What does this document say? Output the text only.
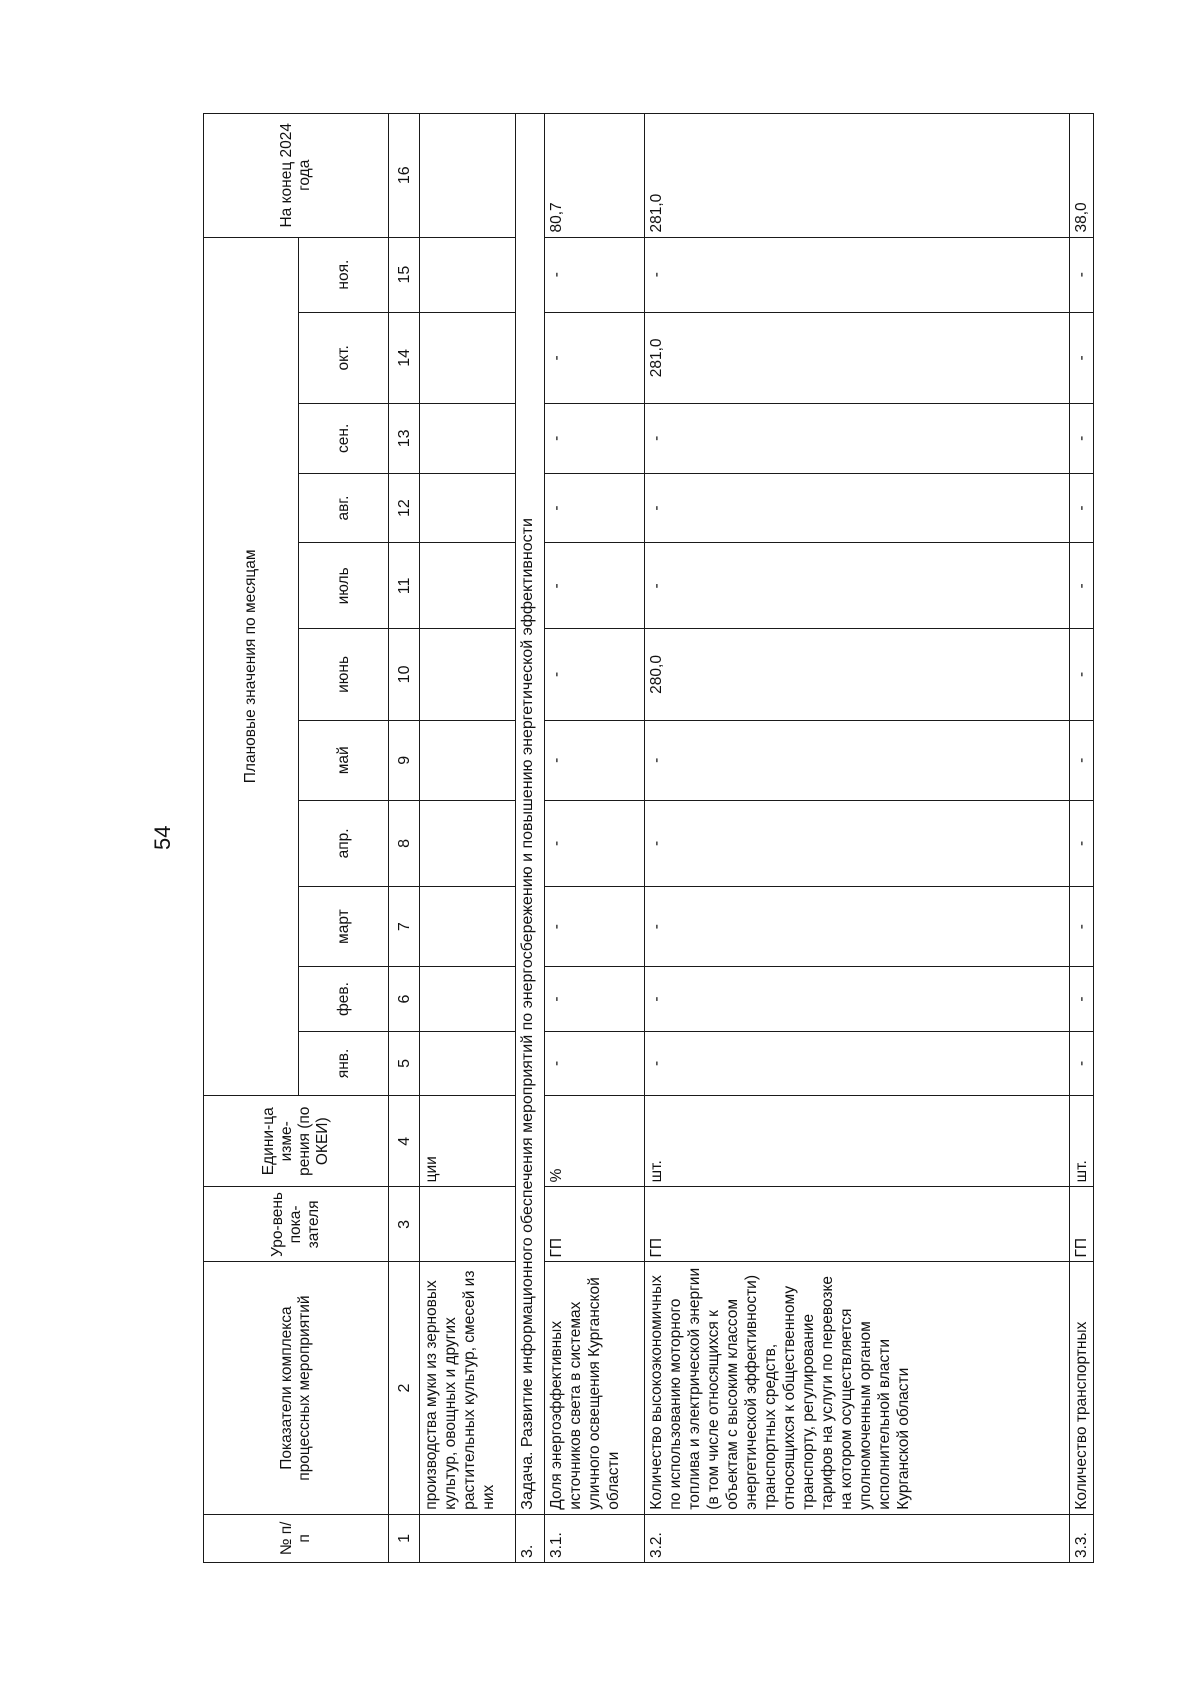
54
№ п/п	Показатели комплекса процессных мероприятий	Уро-вень пока-зателя	Едини-ца изме-рения (по ОКЕИ)	Плановые значения по месяцам											На конец 2024 года
				янв.	фев.	март	апр.	май	июнь	июль	авг.	сен.	окт.	ноя.	
1	2	3	4	5	6	7	8	9	10	11	12	13	14	15	16
	производства муки из зерновых культур, овощных и других растительных культур, смесей из них		ции												
3.	Задача. Развитие информационного обеспечения мероприятий по энергосбережению и повышению энергетической эффективности														
3.1.	Доля энергоэффективных источников света в системах уличного освещения Курганской области	ГП	%	-	-	-	-	-	-	-	-	-	-	-	80,7
3.2.	Количество высокоэкономичных по использованию моторного топлива и электрической энергии (в том числе относящихся к объектам с высоким классом энергетической эффективности) транспортных средств, относящихся к общественному транспорту, регулирование тарифов на услуги по перевозке на котором осуществляется уполномоченным органом исполнительной власти Курганской области	ГП	шт.	-	-	-	-	-	280,0	-	-	-	281,0	-	281,0
3.3.	Количество транспортных	ГП	шт.	-	-	-	-	-	-	-	-	-	-	-	38,0
